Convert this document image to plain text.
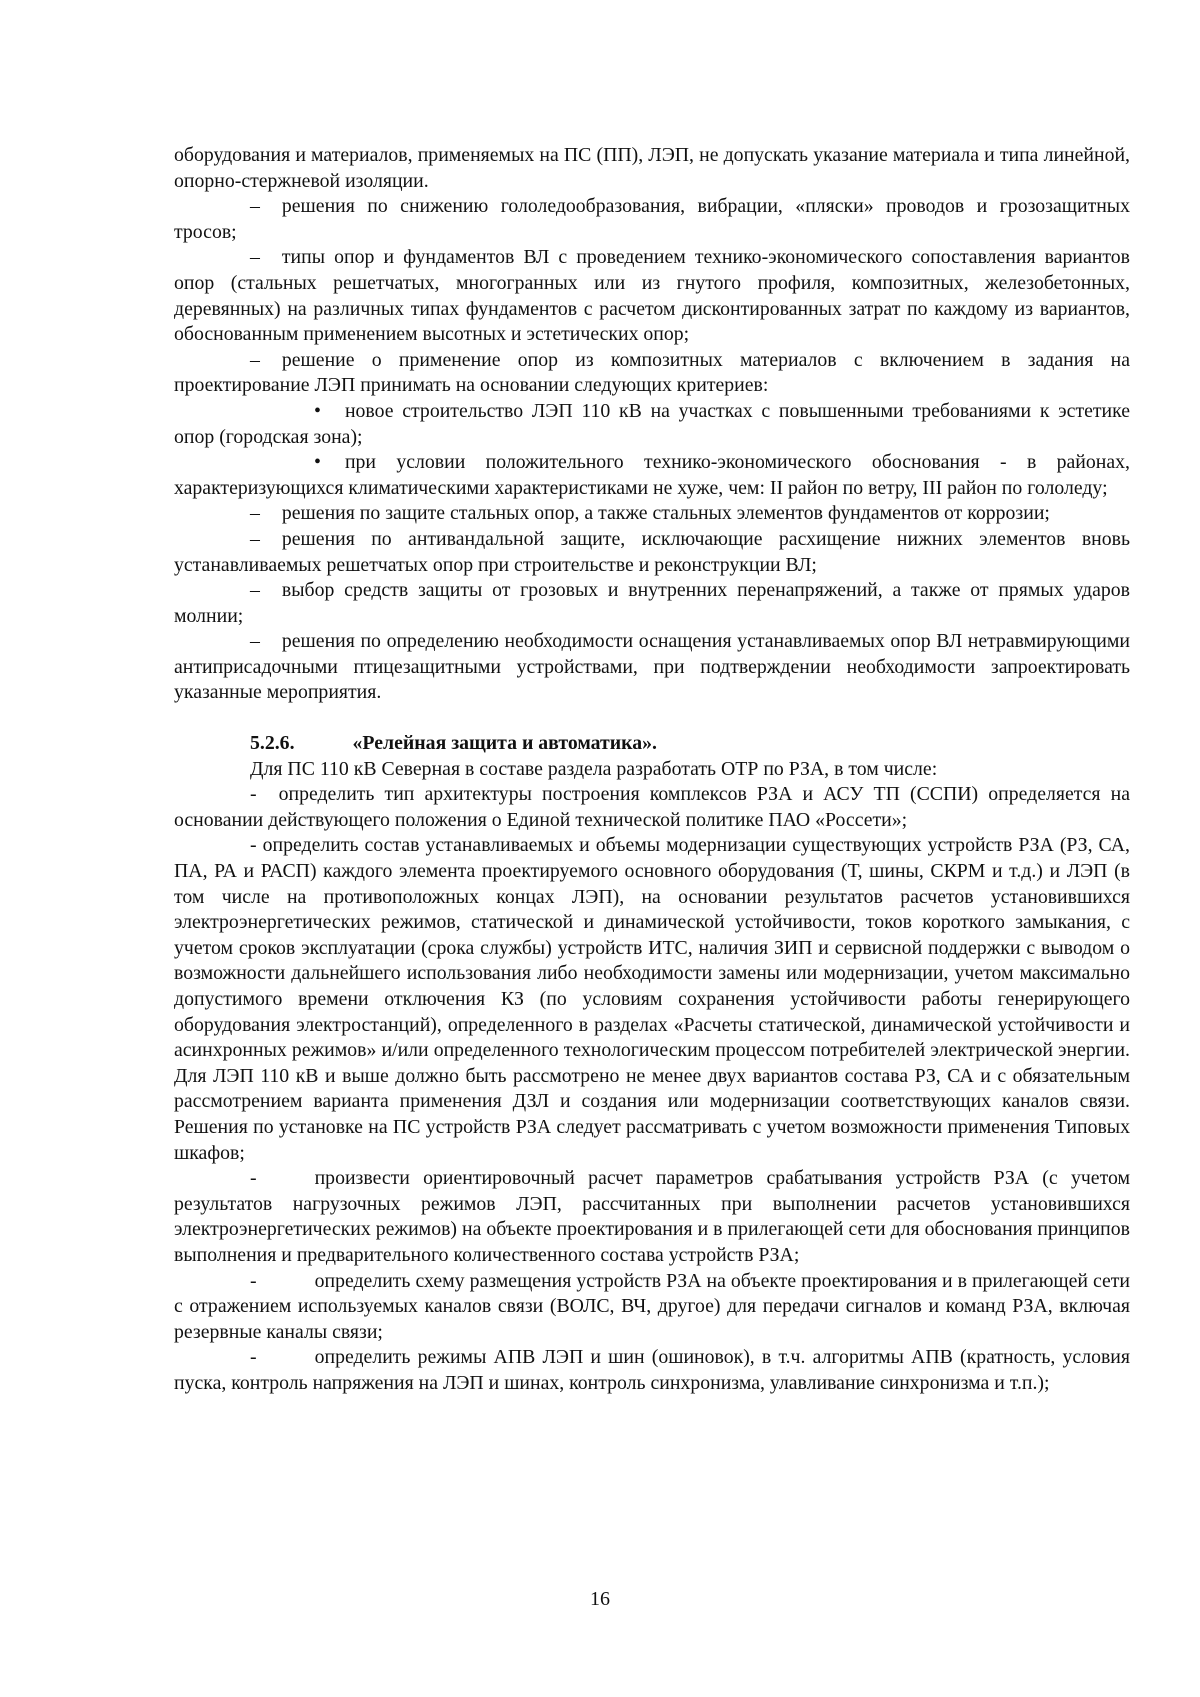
оборудования и материалов, применяемых на ПС (ПП), ЛЭП, не допускать указание материала и типа линейной, опорно-стержневой изоляции.

– решения по снижению гололедообразования, вибрации, «пляски» проводов и грозозащитных тросов;

– типы опор и фундаментов ВЛ с проведением технико-экономического сопоставления вариантов опор (стальных решетчатых, многогранных или из гнутого профиля, композитных, железобетонных, деревянных) на различных типах фундаментов с расчетом дисконтированных затрат по каждому из вариантов, обоснованным применением высотных и эстетических опор;

– решение о применение опор из композитных материалов с включением в задания на проектирование ЛЭП принимать на основании следующих критериев:

• новое строительство ЛЭП 110 кВ на участках с повышенными требованиями к эстетике опор (городская зона);

• при условии положительного технико-экономического обоснования - в районах, характеризующихся климатическими характеристиками не хуже, чем: II район по ветру, III район по гололеду;

– решения по защите стальных опор, а также стальных элементов фундаментов от коррозии;

– решения по антивандальной защите, исключающие расхищение нижних элементов вновь устанавливаемых решетчатых опор при строительстве и реконструкции ВЛ;

– выбор средств защиты от грозовых и внутренних перенапряжений, а также от прямых ударов молнии;

– решения по определению необходимости оснащения устанавливаемых опор ВЛ нетравмирующими антиприсадочными птицезащитными устройствами, при подтверждении необходимости запроектировать указанные мероприятия.

5.2.6.	«Релейная защита и автоматика».

Для ПС 110 кВ Северная в составе раздела разработать ОТР по РЗА, в том числе:

- определить тип архитектуры построения комплексов РЗА и АСУ ТП (ССПИ) определяется на основании действующего положения о Единой технической политике ПАО «Россети»;

- определить состав устанавливаемых и объемы модернизации существующих устройств РЗА (РЗ, СА, ПА, РА и РАСП) каждого элемента проектируемого основного оборудования (Т, шины, СКРМ и т.д.) и ЛЭП (в том числе на противоположных концах ЛЭП), на основании результатов расчетов установившихся электроэнергетических режимов, статической и динамической устойчивости, токов короткого замыкания, с учетом сроков эксплуатации (срока службы) устройств ИТС, наличия ЗИП и сервисной поддержки с выводом о возможности дальнейшего использования либо необходимости замены или модернизации, учетом максимально допустимого времени отключения КЗ (по условиям сохранения устойчивости работы генерирующего оборудования электростанций), определенного в разделах «Расчеты статической, динамической устойчивости и асинхронных режимов» и/или определенного технологическим процессом потребителей электрической энергии. Для ЛЭП 110 кВ и выше должно быть рассмотрено не менее двух вариантов состава РЗ, СА и с обязательным рассмотрением варианта применения ДЗЛ и создания или модернизации соответствующих каналов связи. Решения по установке на ПС устройств РЗА следует рассматривать с учетом возможности применения Типовых шкафов;

-	произвести ориентировочный расчет параметров срабатывания устройств РЗА (с учетом результатов нагрузочных режимов ЛЭП, рассчитанных при выполнении расчетов установившихся электроэнергетических режимов) на объекте проектирования и в прилегающей сети для обоснования принципов выполнения и предварительного количественного состава устройств РЗА;

-	определить схему размещения устройств РЗА на объекте проектирования и в прилегающей сети с отражением используемых каналов связи (ВОЛС, ВЧ, другое) для передачи сигналов и команд РЗА, включая резервные каналы связи;

-	определить режимы АПВ ЛЭП и шин (ошиновок), в т.ч. алгоритмы АПВ (кратность, условия пуска, контроль напряжения на ЛЭП и шинах, контроль синхронизма, улавливание синхронизма и т.п.);

16
